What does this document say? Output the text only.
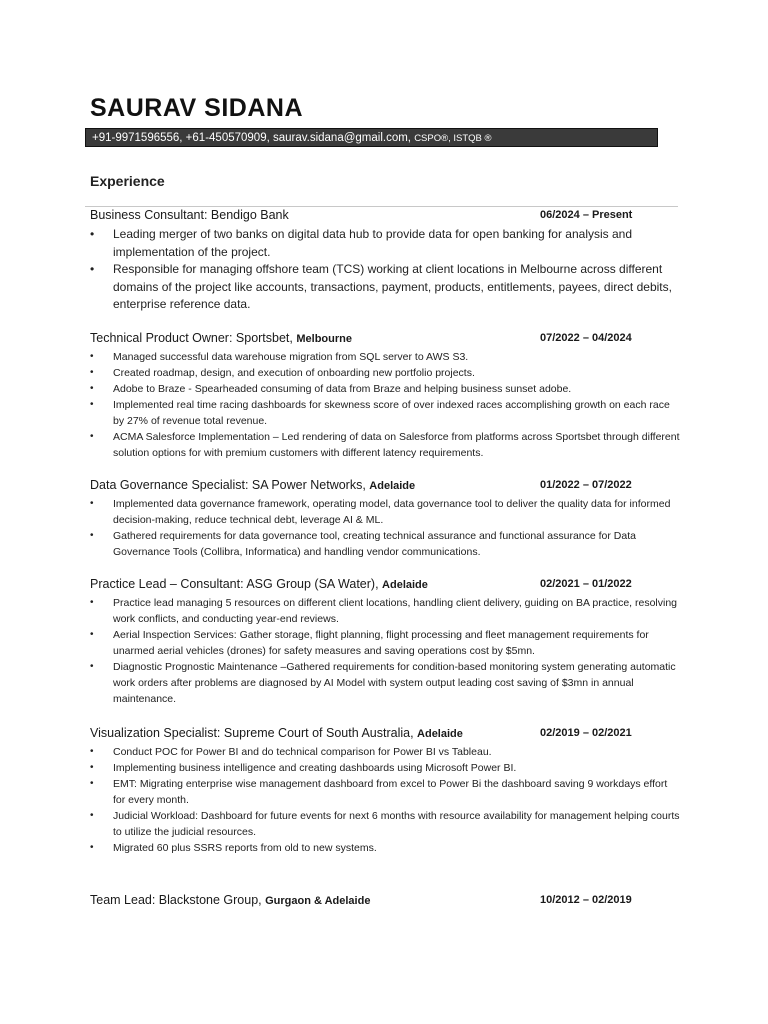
SAURAV SIDANA
+91-9971596556, +61-450570909, saurav.sidana@gmail.com, CSPO®, ISTQB ®
Experience
Business Consultant: Bendigo Bank	06/2024 – Present
• Leading merger of two banks on digital data hub to provide data for open banking for analysis and implementation of the project.
• Responsible for managing offshore team (TCS) working at client locations in Melbourne across different domains of the project like accounts, transactions, payment, products, entitlements, payees, direct debits, enterprise reference data.
Technical Product Owner: Sportsbet, Melbourne	07/2022 – 04/2024
• Managed successful data warehouse migration from SQL server to AWS S3.
• Created roadmap, design, and execution of onboarding new portfolio projects.
• Adobe to Braze - Spearheaded consuming of data from Braze and helping business sunset adobe.
• Implemented real time racing dashboards for skewness score of over indexed races accomplishing growth on each race by 27% of revenue total revenue.
• ACMA Salesforce Implementation – Led rendering of data on Salesforce from platforms across Sportsbet through different solution options for with premium customers with different latency requirements.
Data Governance Specialist: SA Power Networks, Adelaide	01/2022 – 07/2022
• Implemented data governance framework, operating model, data governance tool to deliver the quality data for informed decision-making, reduce technical debt, leverage AI & ML.
• Gathered requirements for data governance tool, creating technical assurance and functional assurance for Data Governance Tools (Collibra, Informatica) and handling vendor communications.
Practice Lead – Consultant: ASG Group (SA Water), Adelaide	02/2021 – 01/2022
• Practice lead managing 5 resources on different client locations, handling client delivery, guiding on BA practice, resolving work conflicts, and conducting year-end reviews.
• Aerial Inspection Services: Gather storage, flight planning, flight processing and fleet management requirements for unarmed aerial vehicles (drones) for safety measures and saving operations cost by $5mn.
• Diagnostic Prognostic Maintenance –Gathered requirements for condition-based monitoring system generating automatic work orders after problems are diagnosed by AI Model with system output leading cost saving of $3mn in annual maintenance.
Visualization Specialist: Supreme Court of South Australia, Adelaide	02/2019 – 02/2021
• Conduct POC for Power BI and do technical comparison for Power BI vs Tableau.
• Implementing business intelligence and creating dashboards using Microsoft Power BI.
• EMT: Migrating enterprise wise management dashboard from excel to Power Bi the dashboard saving 9 workdays effort for every month.
• Judicial Workload: Dashboard for future events for next 6 months with resource availability for management helping courts to utilize the judicial resources.
• Migrated 60 plus SSRS reports from old to new systems.
Team Lead: Blackstone Group, Gurgaon & Adelaide	10/2012 – 02/2019
